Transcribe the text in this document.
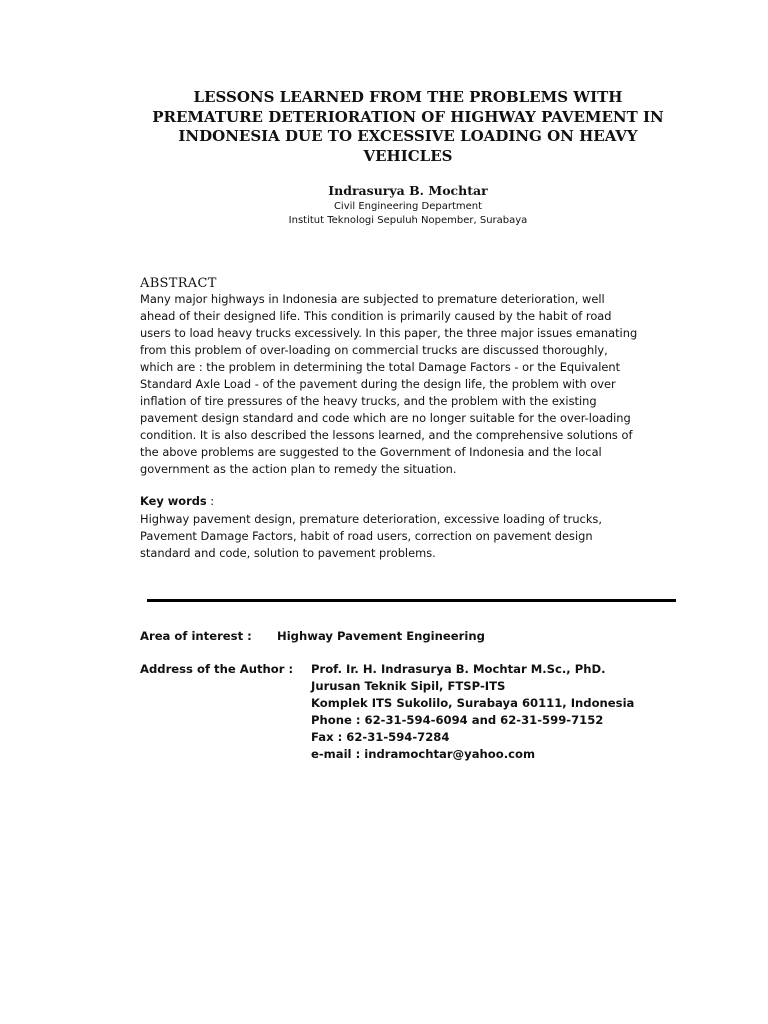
LESSONS LEARNED FROM THE PROBLEMS WITH
PREMATURE DETERIORATION OF HIGHWAY PAVEMENT IN
INDONESIA DUE TO EXCESSIVE LOADING ON HEAVY
VEHICLES
Indrasurya B. Mochtar
Civil Engineering Department
Institut Teknologi Sepuluh Nopember, Surabaya
ABSTRACT
Many major highways in Indonesia are subjected to premature deterioration, well
ahead of their designed life. This condition is primarily caused by the habit of road
users to load heavy trucks excessively. In this paper, the three major issues emanating
from this problem of over-loading on commercial trucks are discussed thoroughly,
which are : the problem in determining the total Damage Factors - or the Equivalent
Standard Axle Load - of the pavement during the design life, the problem with over
inflation of tire pressures of the heavy trucks, and the problem with the existing
pavement design standard and code which are no longer suitable for the over-loading
condition. It is also described the lessons learned, and the comprehensive solutions of
the above problems are suggested to the Government of Indonesia and the local
government as the action plan to remedy the situation.
Key words :
Highway pavement design, premature deterioration, excessive loading of trucks,
Pavement Damage Factors, habit of road users, correction on pavement design
standard and code, solution to pavement problems.
Area of interest : Highway Pavement Engineering
Address of the Author : Prof. Ir. H. Indrasurya B. Mochtar M.Sc., PhD.
Jurusan Teknik Sipil, FTSP-ITS
Komplek ITS Sukolilo, Surabaya 60111, Indonesia
Phone : 62-31-594-6094 and 62-31-599-7152
Fax : 62-31-594-7284
e-mail : indramochtar@yahoo.com
